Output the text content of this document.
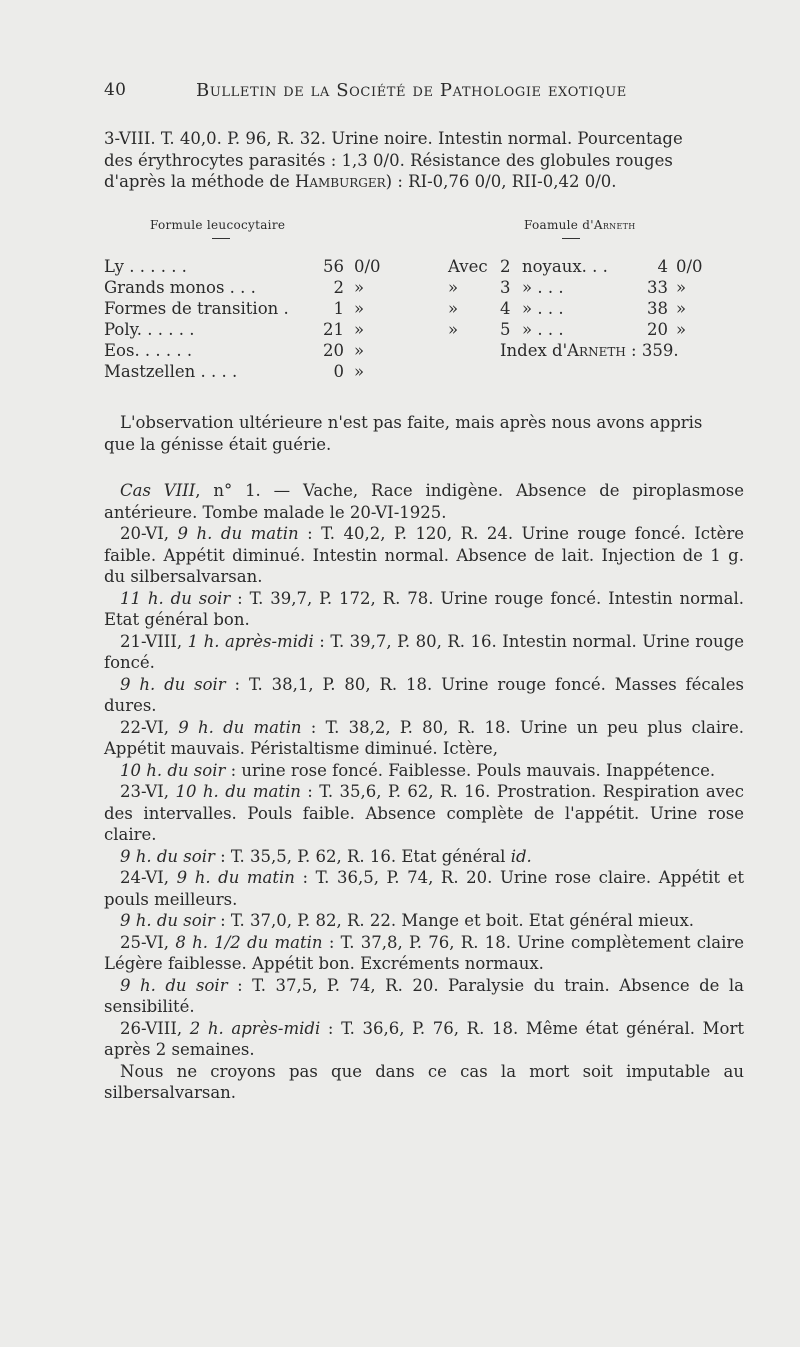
40	Bulletin de la Société de Pathologie exotique

3-VIII. T. 40,0. P. 96, R. 32. Urine noire. Intestin normal. Pourcentage

des érythrocytes parasités : 1,3 0/0. Résistance des globules rouges

d'après la méthode de Hamburger) : RI-0,76 0/0, RII-0,42 0/0.

Formule leucocytaire	Foamule d'Arneth
Ly . . . . . .	56 0/0
Grands monos . . .	2 »
Formes de transition .	1 »
Poly. . . . . .	21 »
Eos. . . . . .	20 »
Mastzellen . . . .	0 »
Avec 2 noyaux. . .	4 0/0
»	3 » . . .	33 »
»	4 » . . .	38 »
»	5 » . . .	20 »
Index d'Arneth : 359.

L'observation ultérieure n'est pas faite, mais après nous avons appris

que la génisse était guérie.

Cas VIII, n° 1. — Vache, Race indigène. Absence de piroplasmose antérieure. Tombe malade le 20-VI-1925.

20-VI, 9 h. du matin : T. 40,2, P. 120, R. 24. Urine rouge foncé. Ictère faible. Appétit diminué. Intestin normal. Absence de lait. Injection de 1 g. du silbersalvarsan.

11 h. du soir : T. 39,7, P. 172, R. 78. Urine rouge foncé. Intestin normal. Etat général bon.

21-VIII, 1 h. après-midi : T. 39,7, P. 80, R. 16. Intestin normal. Urine rouge foncé.

9 h. du soir : T. 38,1, P. 80, R. 18. Urine rouge foncé. Masses fécales dures.

22-VI, 9 h. du matin : T. 38,2, P. 80, R. 18. Urine un peu plus claire. Appétit mauvais. Péristaltisme diminué. Ictère,

10 h. du soir : urine rose foncé. Faiblesse. Pouls mauvais. Inappétence.

23-VI, 10 h. du matin : T. 35,6, P. 62, R. 16. Prostration. Respiration avec des intervalles. Pouls faible. Absence complète de l'appétit. Urine rose claire.

9 h. du soir : T. 35,5, P. 62, R. 16. Etat général id.

24-VI, 9 h. du matin : T. 36,5, P. 74, R. 20. Urine rose claire. Appétit et pouls meilleurs.

9 h. du soir : T. 37,0, P. 82, R. 22. Mange et boit. Etat général mieux.

25-VI, 8 h. 1/2 du matin : T. 37,8, P. 76, R. 18. Urine complètement claire Légère faiblesse. Appétit bon. Excréments normaux.

9 h. du soir : T. 37,5, P. 74, R. 20. Paralysie du train. Absence de la sensibilité.

26-VIII, 2 h. après-midi : T. 36,6, P. 76, R. 18. Même état général. Mort après 2 semaines.

Nous ne croyons pas que dans ce cas la mort soit imputable au silbersalvarsan.
